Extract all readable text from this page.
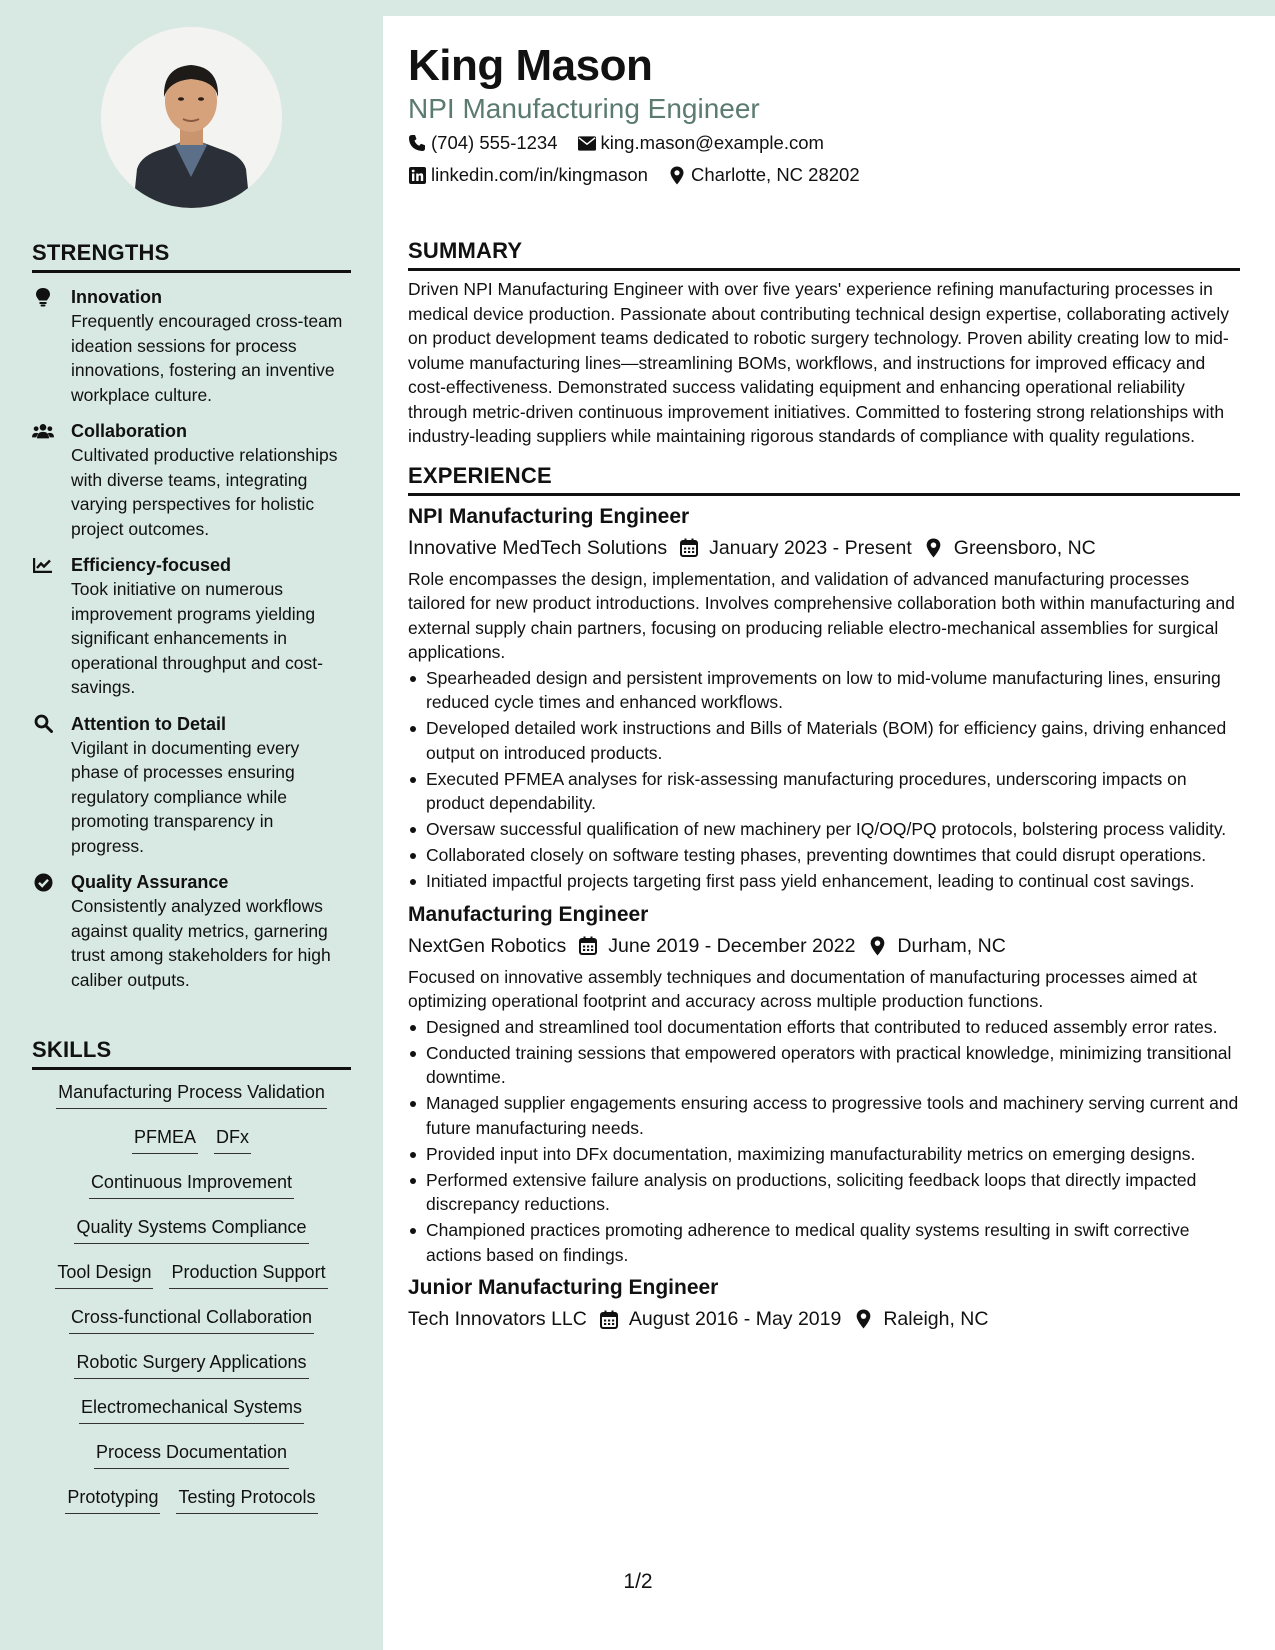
STRENGTHS
Innovation
Frequently encouraged cross-team ideation sessions for process innovations, fostering an inventive workplace culture.
Collaboration
Cultivated productive relationships with diverse teams, integrating varying perspectives for holistic project outcomes.
Efficiency-focused
Took initiative on numerous improvement programs yielding significant enhancements in operational throughput and cost-savings.
Attention to Detail
Vigilant in documenting every phase of processes ensuring regulatory compliance while promoting transparency in progress.
Quality Assurance
Consistently analyzed workflows against quality metrics, garnering trust among stakeholders for high caliber outputs.
SKILLS
Manufacturing Process Validation
PFMEA DFx
Continuous Improvement
Quality Systems Compliance
Tool Design Production Support
Cross-functional Collaboration
Robotic Surgery Applications
Electromechanical Systems
Process Documentation
Prototyping Testing Protocols
King Mason
NPI Manufacturing Engineer
(704) 555-1234 king.mason@example.com
linkedin.com/in/kingmason Charlotte, NC 28202
SUMMARY
Driven NPI Manufacturing Engineer with over five years' experience refining manufacturing processes in medical device production. Passionate about contributing technical design expertise, collaborating actively on product development teams dedicated to robotic surgery technology. Proven ability creating low to mid-volume manufacturing lines—streamlining BOMs, workflows, and instructions for improved efficacy and cost-effectiveness. Demonstrated success validating equipment and enhancing operational reliability through metric-driven continuous improvement initiatives. Committed to fostering strong relationships with industry-leading suppliers while maintaining rigorous standards of compliance with quality regulations.
EXPERIENCE
NPI Manufacturing Engineer
Innovative MedTech Solutions January 2023 - Present Greensboro, NC
Role encompasses the design, implementation, and validation of advanced manufacturing processes tailored for new product introductions. Involves comprehensive collaboration both within manufacturing and external supply chain partners, focusing on producing reliable electro-mechanical assemblies for surgical applications.
Spearheaded design and persistent improvements on low to mid-volume manufacturing lines, ensuring reduced cycle times and enhanced workflows.
Developed detailed work instructions and Bills of Materials (BOM) for efficiency gains, driving enhanced output on introduced products.
Executed PFMEA analyses for risk-assessing manufacturing procedures, underscoring impacts on product dependability.
Oversaw successful qualification of new machinery per IQ/OQ/PQ protocols, bolstering process validity.
Collaborated closely on software testing phases, preventing downtimes that could disrupt operations.
Initiated impactful projects targeting first pass yield enhancement, leading to continual cost savings.
Manufacturing Engineer
NextGen Robotics June 2019 - December 2022 Durham, NC
Focused on innovative assembly techniques and documentation of manufacturing processes aimed at optimizing operational footprint and accuracy across multiple production functions.
Designed and streamlined tool documentation efforts that contributed to reduced assembly error rates.
Conducted training sessions that empowered operators with practical knowledge, minimizing transitional downtime.
Managed supplier engagements ensuring access to progressive tools and machinery serving current and future manufacturing needs.
Provided input into DFx documentation, maximizing manufacturability metrics on emerging designs.
Performed extensive failure analysis on productions, soliciting feedback loops that directly impacted discrepancy reductions.
Championed practices promoting adherence to medical quality systems resulting in swift corrective actions based on findings.
Junior Manufacturing Engineer
Tech Innovators LLC August 2016 - May 2019 Raleigh, NC
1/2
